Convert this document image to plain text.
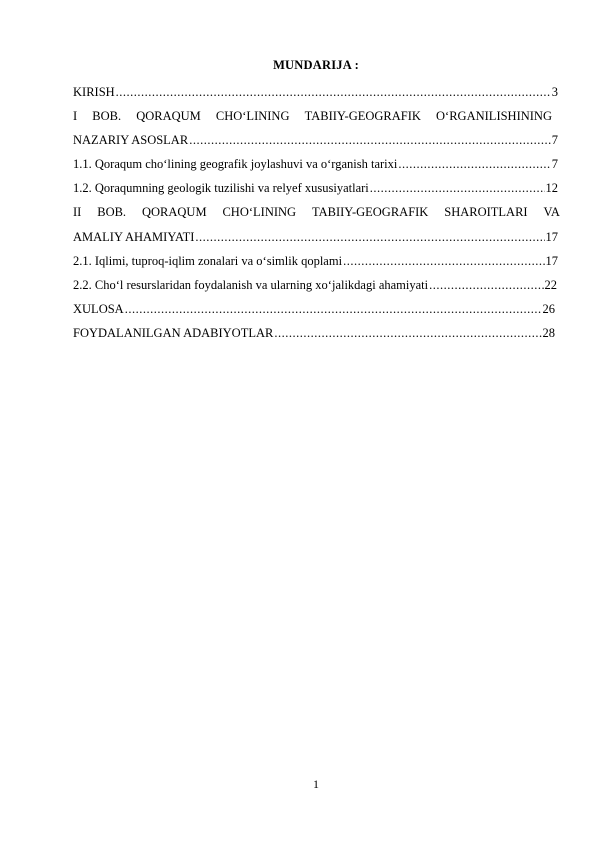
MUNDARIJA :
KIRISH .....	3
I BOB. QORAQUM CHO‘LINING TABIIY-GEOGRAFIK O‘RGANILISHINING
NAZARIY ASOSLAR .....	7
1.1. Qoraqum cho‘lining geografik joylashuvi va o‘rganish tarixi .....	7
1.2. Qoraqumning geologik tuzilishi va relyef xususiyatlari .....	12
II BOB. QORAQUM CHO‘LINING TABIIY-GEOGRAFIK SHAROITLARI VA
AMALIY AHAMIYATI .....	17
2.1. Iqlimi, tuproq-iqlim zonalari va o‘simlik qoplami .....	17
2.2. Cho‘l resurslaridan foydalanish va ularning xo‘jalikdagi ahamiyati .....	22
XULOSA .....	26
FOYDALANILGAN ADABIYOTLAR .....	28
1
